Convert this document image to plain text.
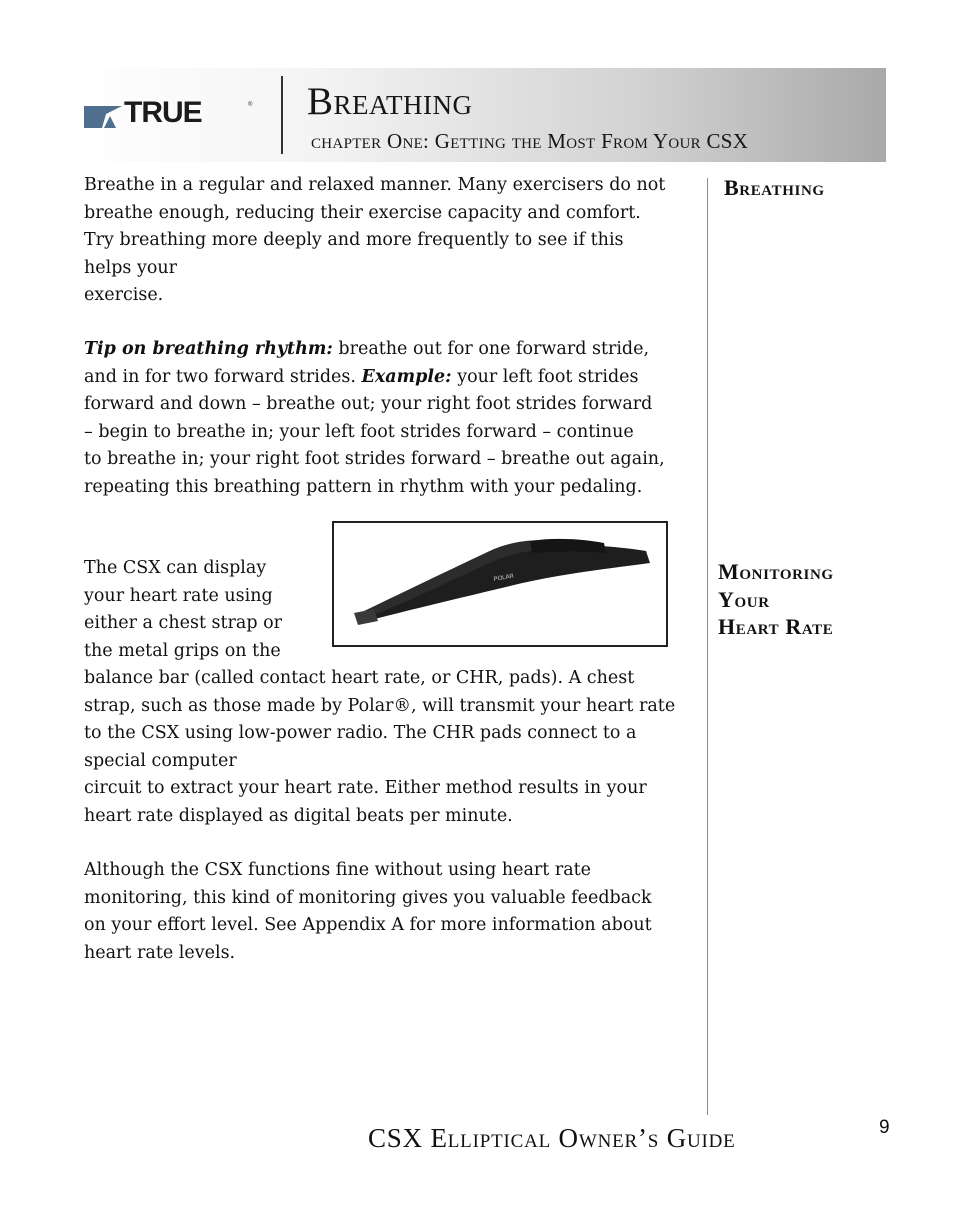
TRUE	® Breathing
chapter One: Getting the Most From Your CSX
Breathing
Monitoring
Your
Heart Rate
Breathe in a regular and relaxed manner. Many exercisers do not
breathe enough, reducing their exercise capacity and comfort.
Try breathing more deeply and more frequently to see if this
helps your
exercise.
Tip on breathing rhythm: breathe out for one forward stride,
and in for two forward strides. Example: your left foot strides
forward and down – breathe out; your right foot strides forward
– begin to breathe in; your left foot strides forward – continue
to breathe in; your right foot strides forward – breathe out again,
repeating this breathing pattern in rhythm with your pedaling.
POLAR
The CSX can display
your heart rate using
either a chest strap or
the metal grips on the
balance bar (called contact heart rate, or CHR, pads). A chest
strap, such as those made by Polar®, will transmit your heart rate
to the CSX using low-power radio. The CHR pads connect to a
special computer
circuit to extract your heart rate. Either method results in your
heart rate displayed as digital beats per minute.
Although the CSX functions fine without using heart rate
monitoring, this kind of monitoring gives you valuable feedback
on your effort level. See Appendix A for more information about
heart rate levels.
CSX Elliptical Owner’s Guide	9
